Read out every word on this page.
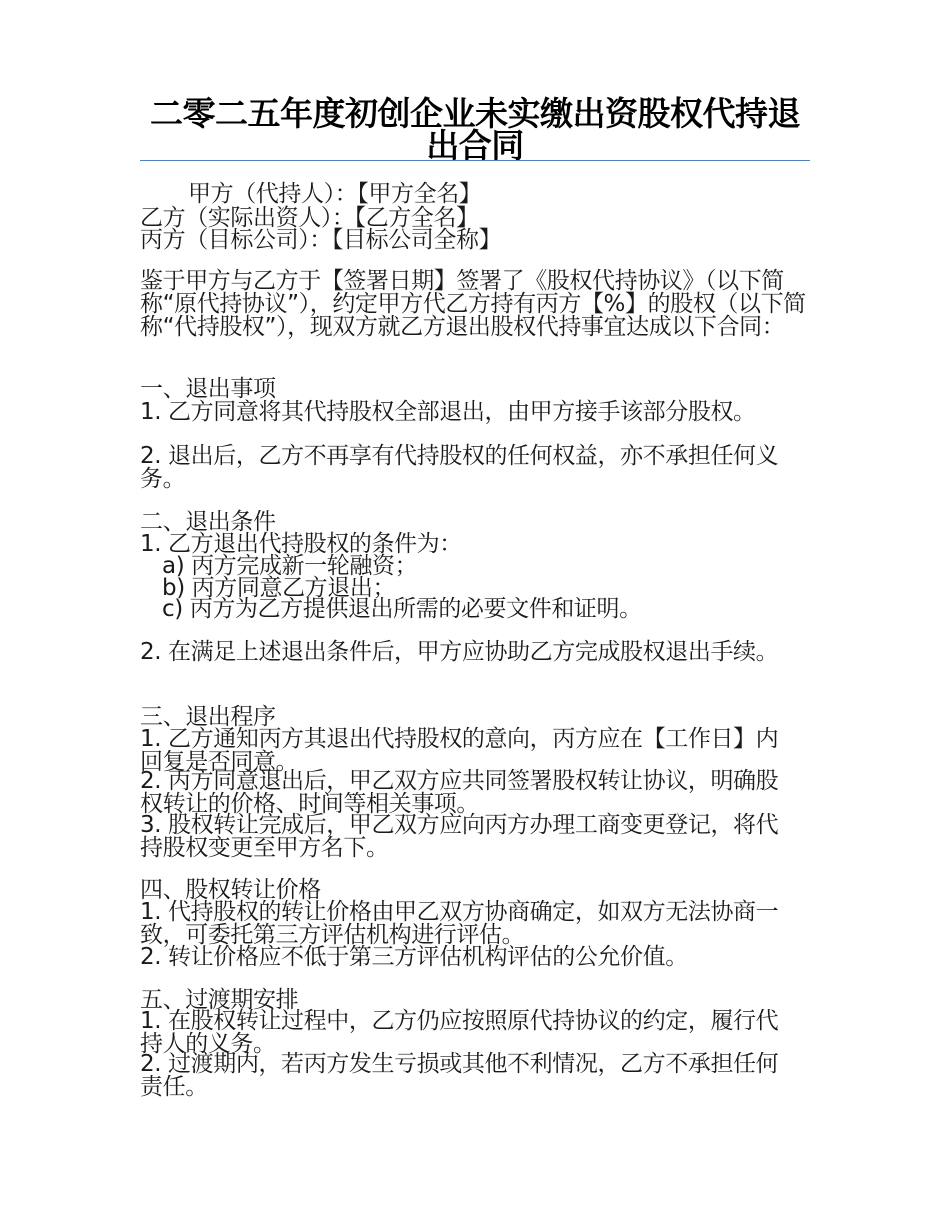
二零二五年度初创企业未实缴出资股权代持退出合同
甲方（代持人）：【甲方全名】
乙方（实际出资人）：【乙方全名】
丙方（目标公司）：【目标公司全称】

鉴于甲方与乙方于【签署日期】签署了《股权代持协议》（以下简称“原代持协议”），约定甲方代乙方持有丙方【%】的股权（以下简称“代持股权”），现双方就乙方退出股权代持事宜达成以下合同：

一、退出事项

1. 乙方同意将其代持股权全部退出，由甲方接手该部分股权。

2. 退出后，乙方不再享有代持股权的任何权益，亦不承担任何义务。

二、退出条件
1. 乙方退出代持股权的条件为：
a) 丙方完成新一轮融资；
b) 丙方同意乙方退出；
c) 丙方为乙方提供退出所需的必要文件和证明。

2. 在满足上述退出条件后，甲方应协助乙方完成股权退出手续。

三、退出程序

1. 乙方通知丙方其退出代持股权的意向，丙方应在【工作日】内回复是否同意。

2. 丙方同意退出后，甲乙双方应共同签署股权转让协议，明确股权转让的价格、时间等相关事项。

3. 股权转让完成后，甲乙双方应向丙方办理工商变更登记，将代持股权变更至甲方名下。

四、股权转让价格

1. 代持股权的转让价格由甲乙双方协商确定，如双方无法协商一致，可委托第三方评估机构进行评估。

2. 转让价格应不低于第三方评估机构评估的公允价值。
五、过渡期安排

1. 在股权转让过程中，乙方仍应按照原代持协议的约定，履行代持人的义务。

2. 过渡期内，若丙方发生亏损或其他不利情况，乙方不承担任何责任。
